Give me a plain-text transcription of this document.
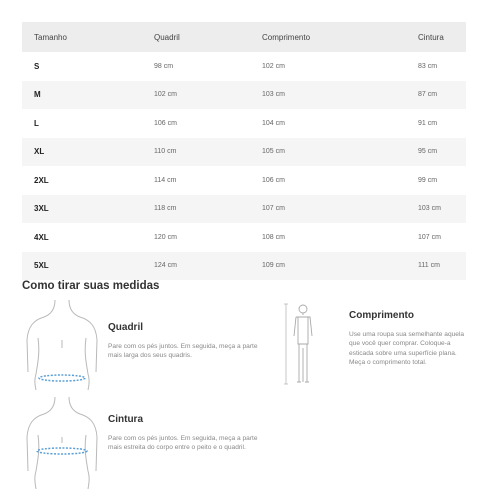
Tamanho	Quadril	Comprimento	Cintura
S	98 cm	102 cm	83 cm
M	102 cm	103 cm	87 cm
L	106 cm	104 cm	91 cm
XL	110 cm	105 cm	95 cm
2XL	114 cm	106 cm	99 cm
3XL	118 cm	107 cm	103 cm
4XL	120 cm	108 cm	107 cm
5XL	124 cm	109 cm	111 cm
Como tirar suas medidas
Quadril

Pare com os pés juntos. Em seguida, meça a parte mais larga dos seus quadris.

Comprimento

Use uma roupa sua semelhante aquela que você quer comprar. Coloque-a esticada sobre uma superfície plana. Meça o comprimento total.

Cintura

Pare com os pés juntos. Em seguida, meça a parte mais estreita do corpo entre o peito e o quadril.
